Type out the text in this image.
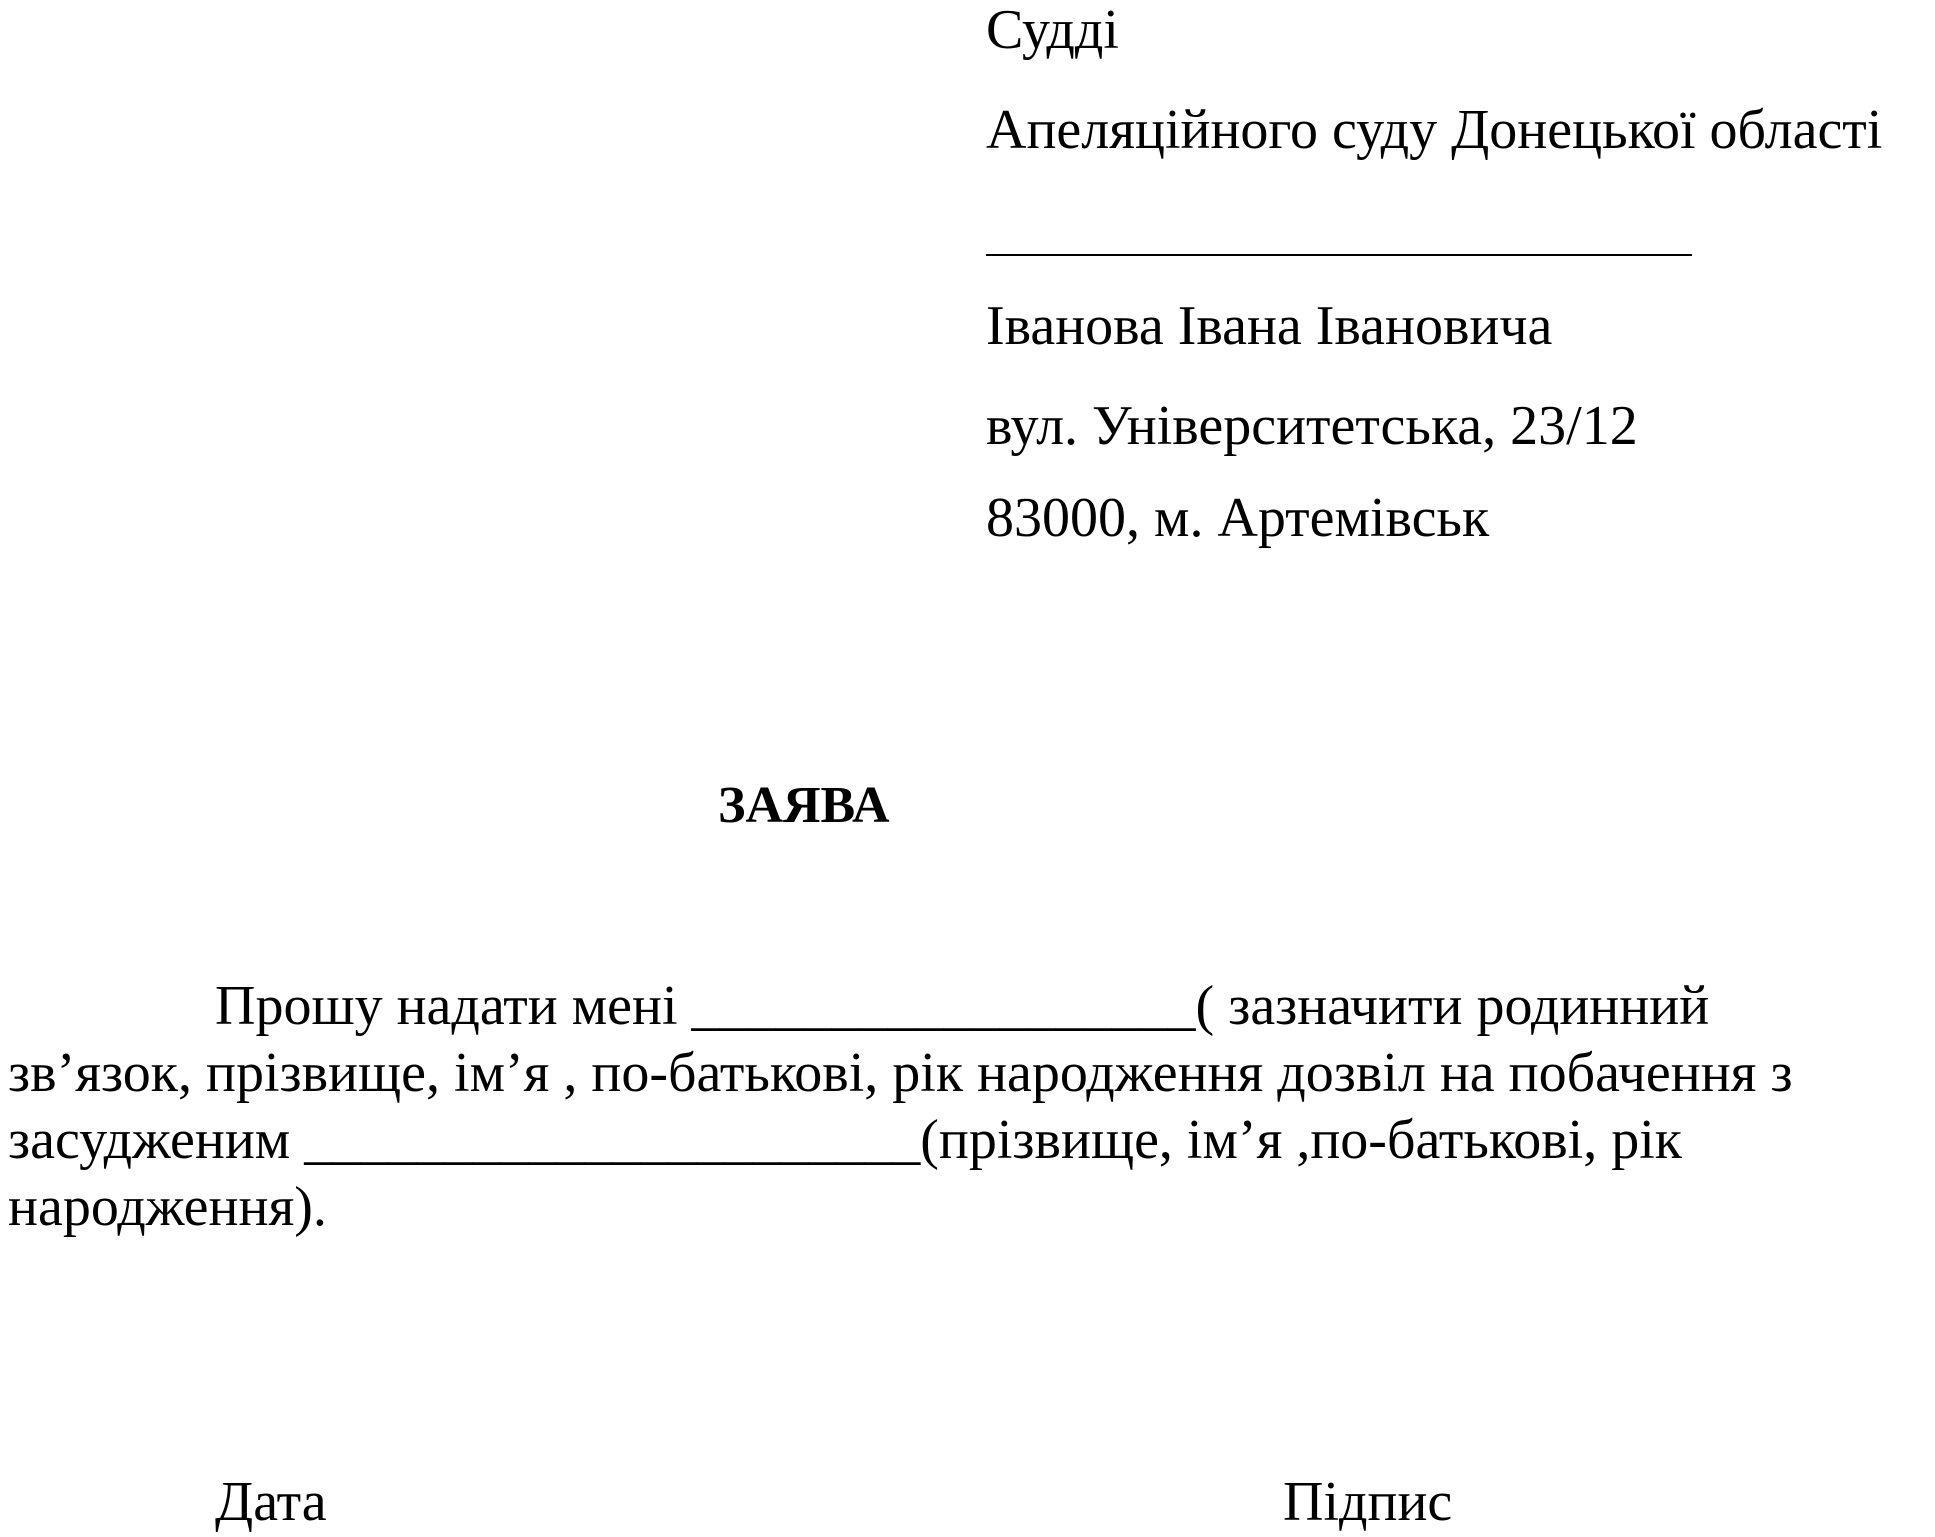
Судді
Апеляційного суду Донецької області
Іванова Івана Івановича
вул. Університетська, 23/12
83000, м. Артемівськ
ЗАЯВА
Прошу надати мені __________________( зазначити родинний
зв’язок, прізвище, ім’я , по-батькові, рік народження дозвіл на побачення з
засудженим ______________________(прізвище, ім’я ,по-батькові, рік
народження).
Дата	Підпис
